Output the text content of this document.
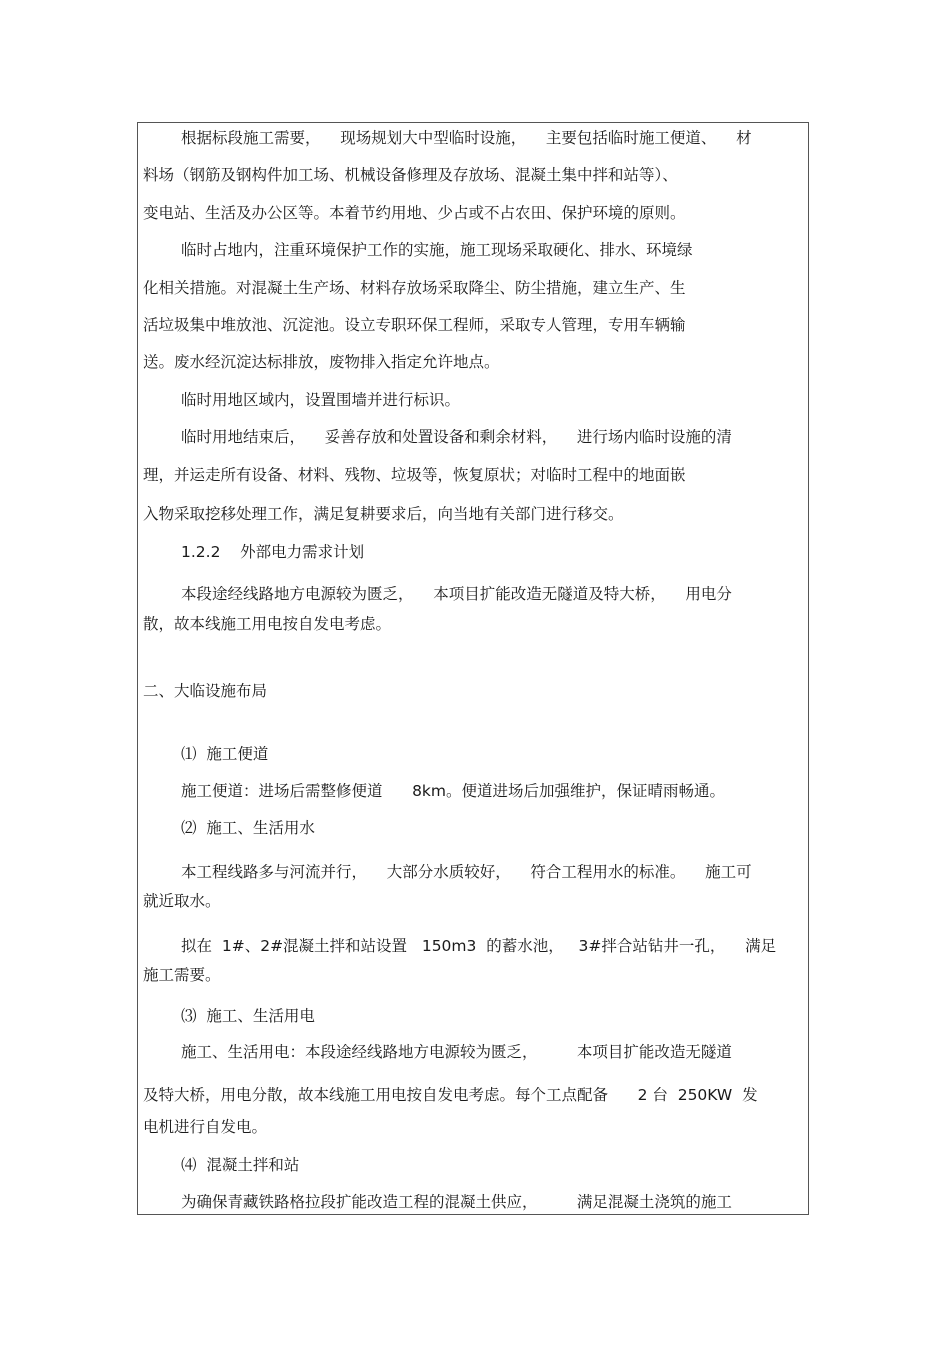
根据标段施工需要，    现场规划大中型临时设施，    主要包括临时施工便道、    材

料场（钢筋及钢构件加工场、机械设备修理及存放场、混凝土集中拌和站等）、

变电站、生活及办公区等。本着节约用地、少占或不占农田、保护环境的原则。

临时占地内，注重环境保护工作的实施，施工现场采取硬化、排水、环境绿

化相关措施。对混凝土生产场、材料存放场采取降尘、防尘措施，建立生产、生

活垃圾集中堆放池、沉淀池。设立专职环保工程师，采取专人管理，专用车辆输

送。废水经沉淀达标排放，废物排入指定允许地点。

临时用地区域内，设置围墙并进行标识。

临时用地结束后，    妥善存放和处置设备和剩余材料，    进行场内临时设施的清

理，并运走所有设备、材料、残物、垃圾等，恢复原状；对临时工程中的地面嵌

入物采取挖移处理工作，满足复耕要求后，向当地有关部门进行移交。

1.2.2    外部电力需求计划

本段途经线路地方电源较为匮乏，    本项目扩能改造无隧道及特大桥，    用电分

散，故本线施工用电按自发电考虑。

二、大临设施布局

⑴  施工便道

施工便道：进场后需整修便道      8km。便道进场后加强维护，保证晴雨畅通。

⑵  施工、生活用水

本工程线路多与河流并行，    大部分水质较好，    符合工程用水的标准。    施工可

就近取水。

拟在  1#、2#混凝土拌和站设置   150m3  的蓄水池，   3#拌合站钻井一孔，    满足

施工需要。

⑶  施工、生活用电

施工、生活用电：本段途经线路地方电源较为匮乏，        本项目扩能改造无隧道

及特大桥，用电分散，故本线施工用电按自发电考虑。每个工点配备      2 台  250KW  发

电机进行自发电。

⑷  混凝土拌和站

为确保青藏铁路格拉段扩能改造工程的混凝土供应，        满足混凝土浇筑的施工
